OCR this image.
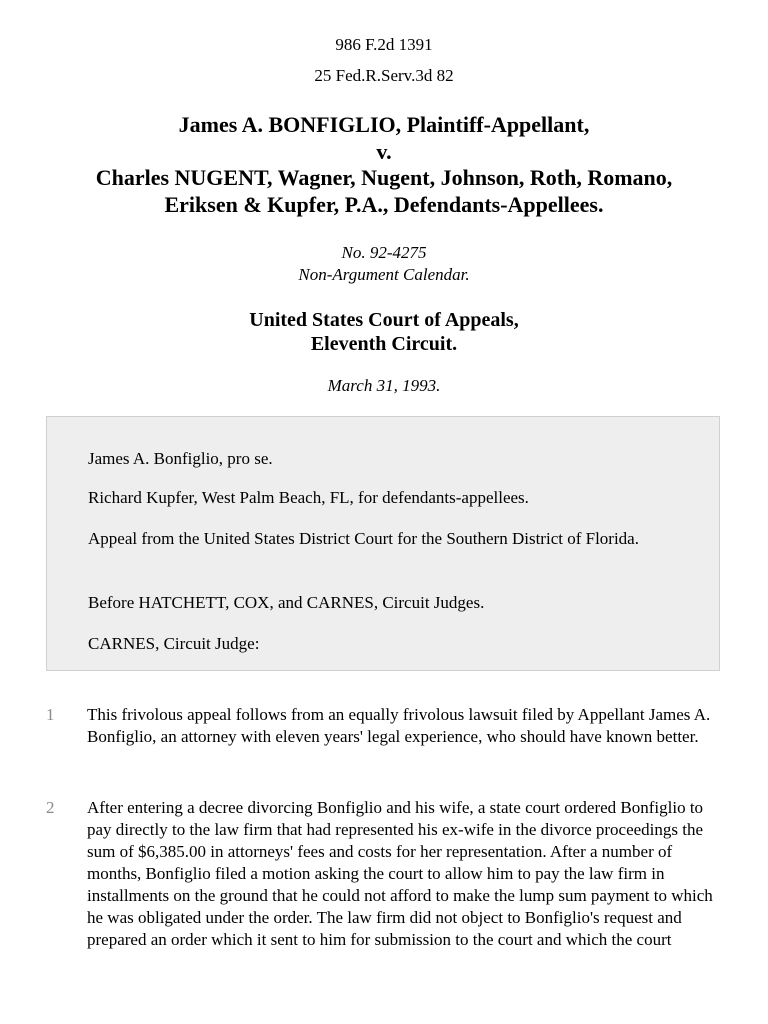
986 F.2d 1391
25 Fed.R.Serv.3d 82
James A. BONFIGLIO, Plaintiff-Appellant,
v.
Charles NUGENT, Wagner, Nugent, Johnson, Roth, Romano,
Eriksen & Kupfer, P.A., Defendants-Appellees.
No. 92-4275
Non-Argument Calendar.
United States Court of Appeals,
Eleventh Circuit.
March 31, 1993.

James A. Bonfiglio, pro se.

Richard Kupfer, West Palm Beach, FL, for defendants-appellees.

Appeal from the United States District Court for the Southern District of Florida.

Before HATCHETT, COX, and CARNES, Circuit Judges.

CARNES, Circuit Judge:

1 This frivolous appeal follows from an equally frivolous lawsuit filed by Appellant James A. Bonfiglio, an attorney with eleven years' legal experience, who should have known better.

2 After entering a decree divorcing Bonfiglio and his wife, a state court ordered Bonfiglio to pay directly to the law firm that had represented his ex-wife in the divorce proceedings the sum of $6,385.00 in attorneys' fees and costs for her representation. After a number of months, Bonfiglio filed a motion asking the court to allow him to pay the law firm in installments on the ground that he could not afford to make the lump sum payment to which he was obligated under the order. The law firm did not object to Bonfiglio's request and prepared an order which it sent to him for submission to the court and which the court
